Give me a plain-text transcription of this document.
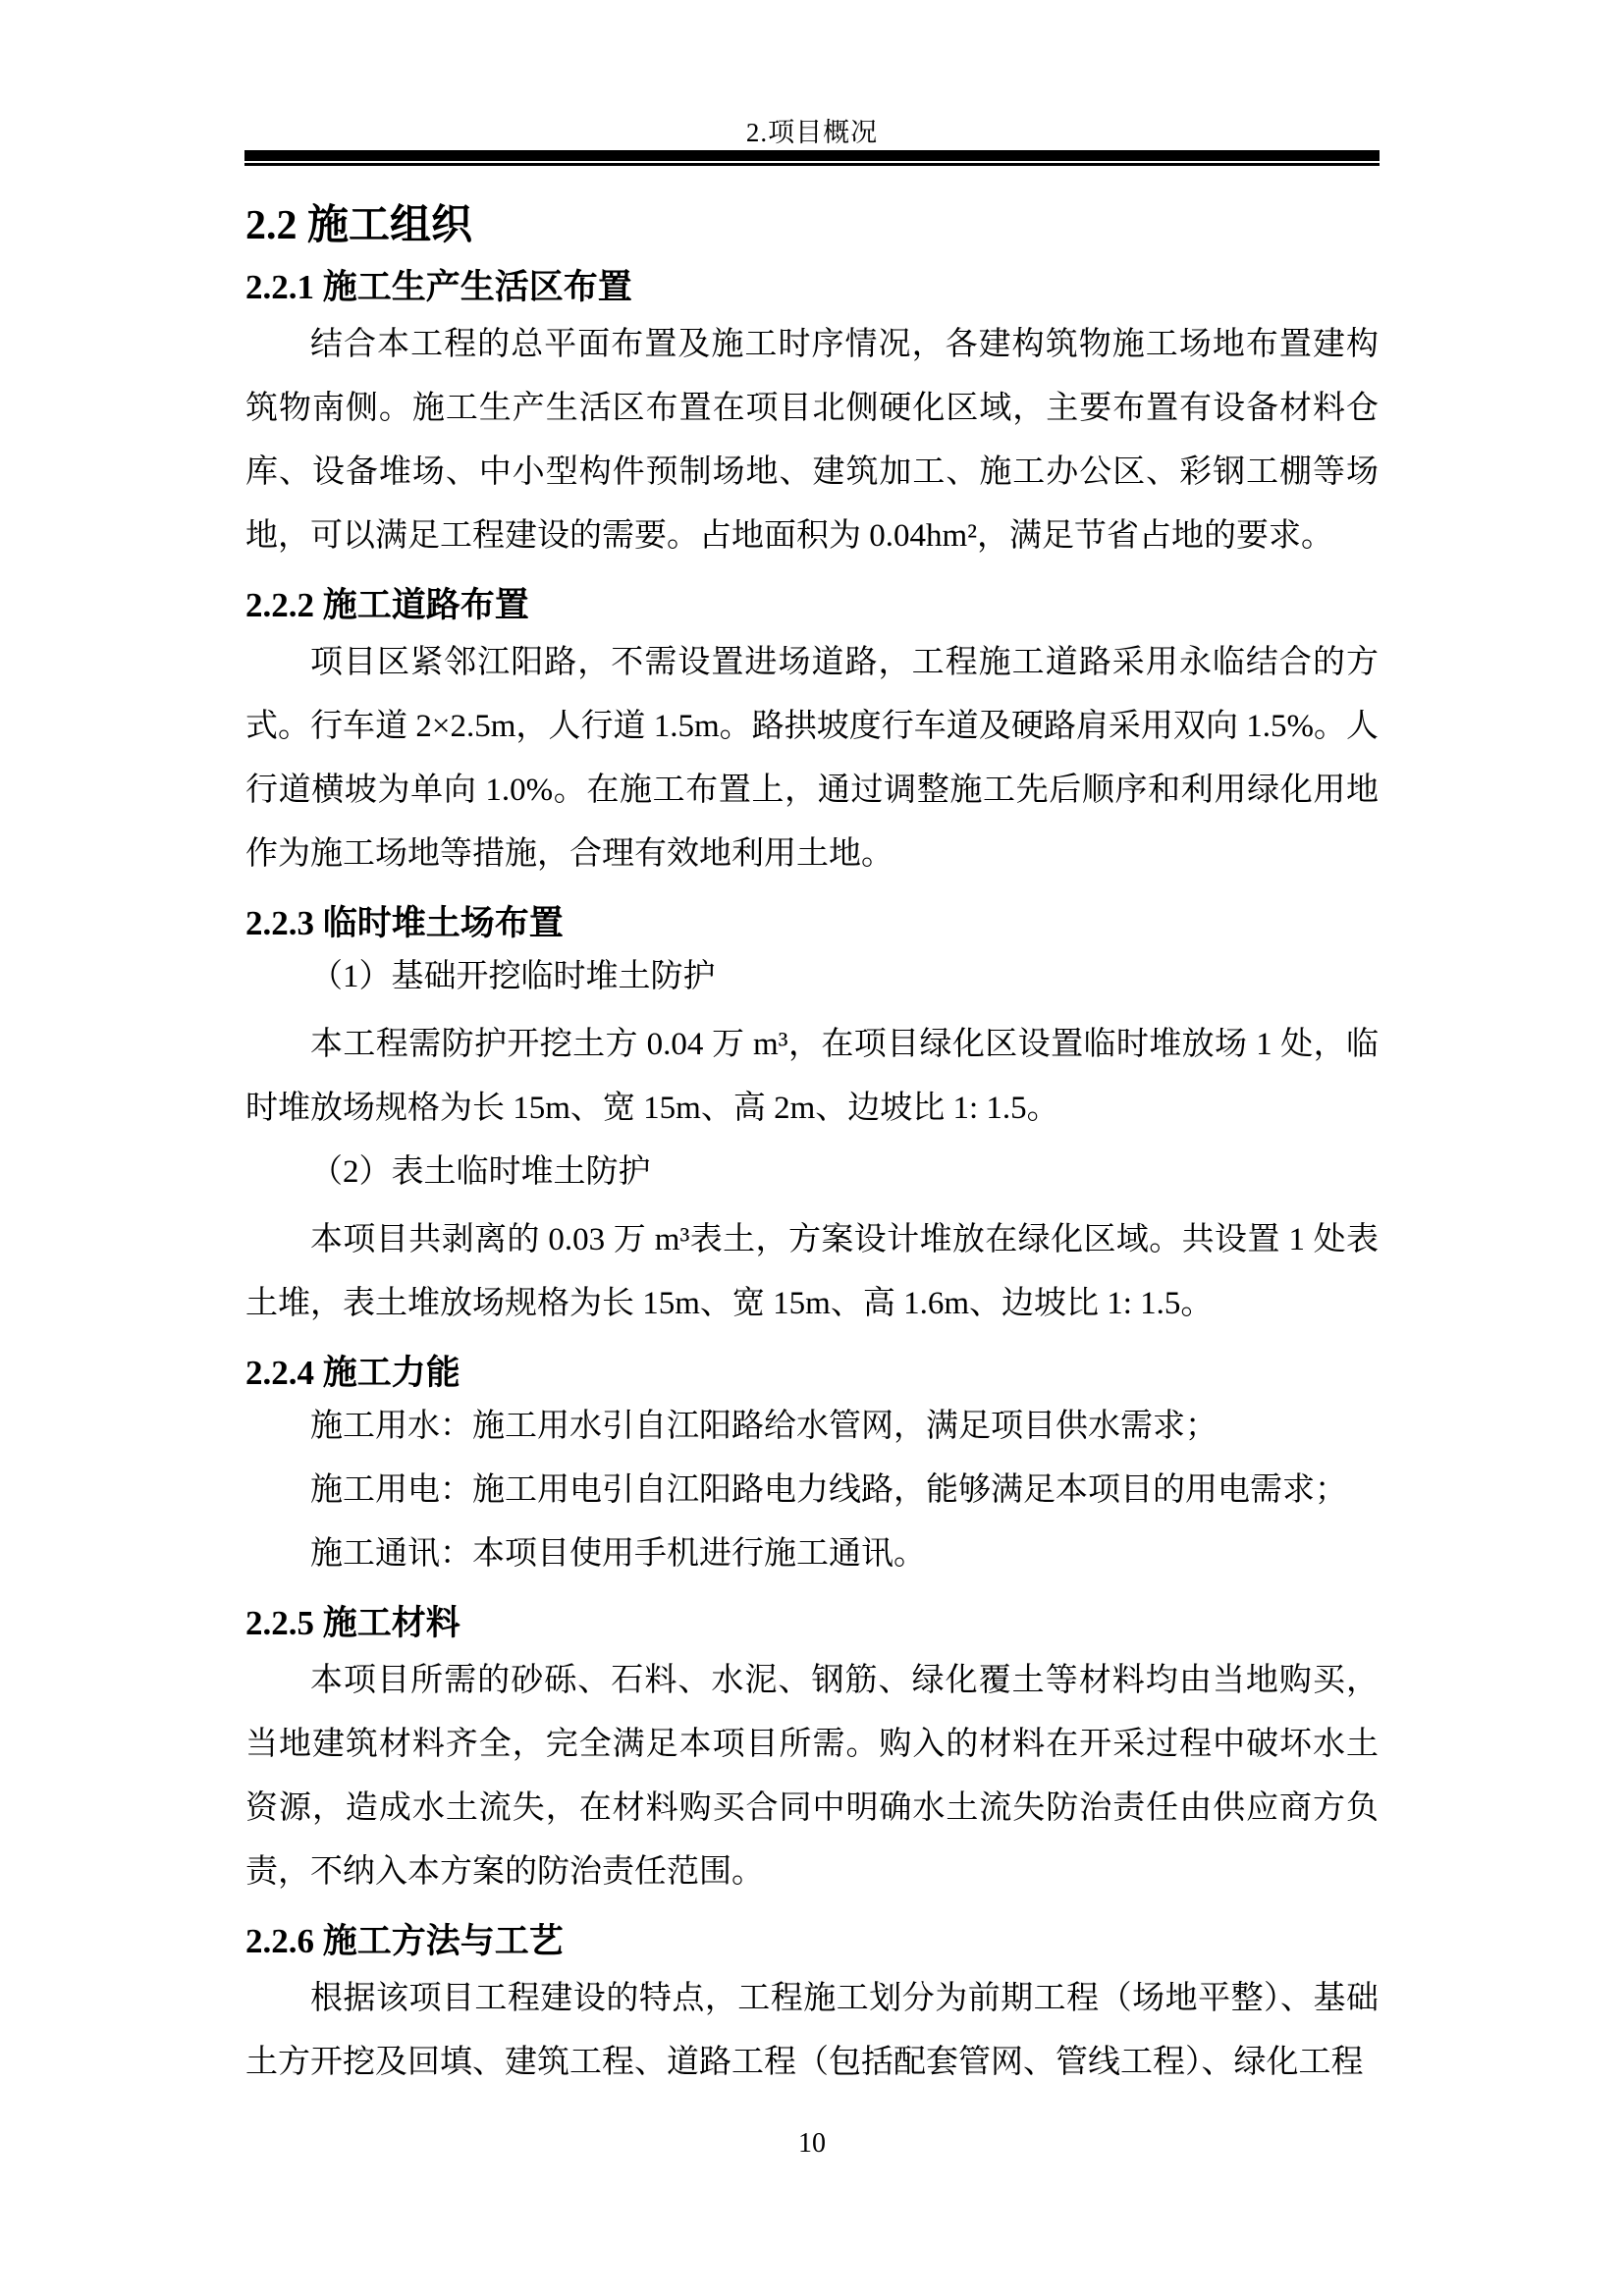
2.项目概况
2.2 施工组织
2.2.1 施工生产生活区布置

结合本工程的总平面布置及施工时序情况，各建构筑物施工场地布置建构筑物南侧。施工生产生活区布置在项目北侧硬化区域，主要布置有设备材料仓库、设备堆场、中小型构件预制场地、建筑加工、施工办公区、彩钢工棚等场地，可以满足工程建设的需要。占地面积为 0.04hm²，满足节省占地的要求。

2.2.2 施工道路布置

项目区紧邻江阳路，不需设置进场道路，工程施工道路采用永临结合的方式。行车道 2×2.5m，人行道 1.5m。路拱坡度行车道及硬路肩采用双向 1.5%。人行道横坡为单向 1.0%。在施工布置上，通过调整施工先后顺序和利用绿化用地作为施工场地等措施，合理有效地利用土地。

2.2.3 临时堆土场布置

（1）基础开挖临时堆土防护

本工程需防护开挖土方 0.04 万 m³，在项目绿化区设置临时堆放场 1 处，临时堆放场规格为长 15m、宽 15m、高 2m、边坡比 1: 1.5。

（2）表土临时堆土防护

本项目共剥离的 0.03 万 m³表土，方案设计堆放在绿化区域。共设置 1 处表土堆，表土堆放场规格为长 15m、宽 15m、高 1.6m、边坡比 1: 1.5。

2.2.4 施工力能

施工用水：施工用水引自江阳路给水管网，满足项目供水需求；

施工用电：施工用电引自江阳路电力线路，能够满足本项目的用电需求；

施工通讯：本项目使用手机进行施工通讯。

2.2.5 施工材料

本项目所需的砂砾、石料、水泥、钢筋、绿化覆土等材料均由当地购买，当地建筑材料齐全，完全满足本项目所需。购入的材料在开采过程中破坏水土资源，造成水土流失，在材料购买合同中明确水土流失防治责任由供应商方负责，不纳入本方案的防治责任范围。

2.2.6 施工方法与工艺

根据该项目工程建设的特点，工程施工划分为前期工程（场地平整）、基础土方开挖及回填、建筑工程、道路工程（包括配套管网、管线工程）、绿化工程

10
